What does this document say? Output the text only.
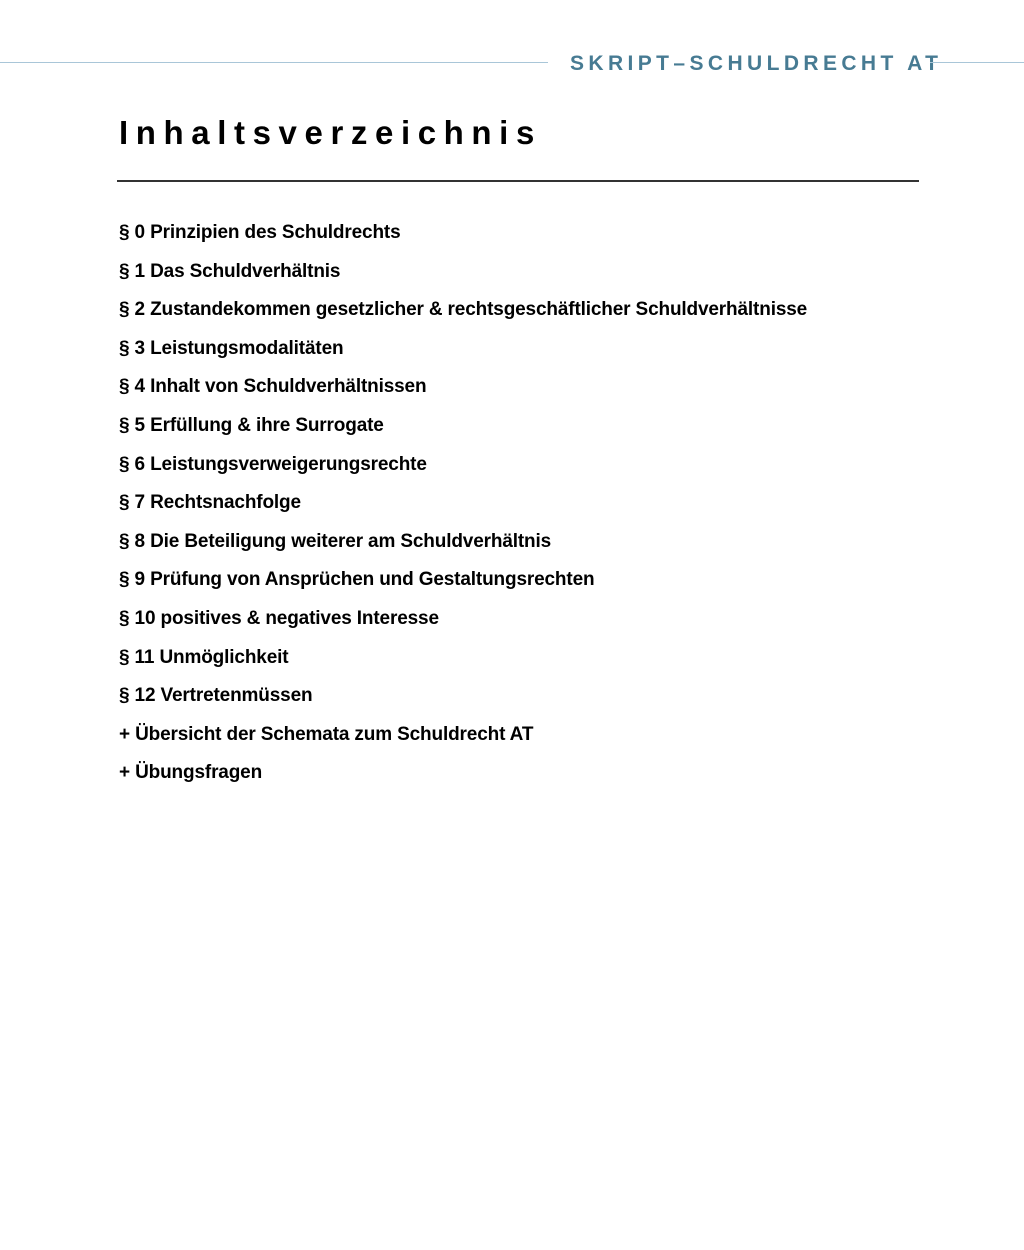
SKRIPT–SCHULDRECHT AT
Inhaltsverzeichnis
§ 0 Prinzipien des Schuldrechts
§ 1 Das Schuldverhältnis
§ 2 Zustandekommen gesetzlicher & rechtsgeschäftlicher Schuldverhältnisse
§ 3 Leistungsmodalitäten
§ 4 Inhalt von Schuldverhältnissen
§ 5 Erfüllung & ihre Surrogate
§ 6 Leistungsverweigerungsrechte
§ 7 Rechtsnachfolge
§ 8 Die Beteiligung weiterer am Schuldverhältnis
§ 9 Prüfung von Ansprüchen und Gestaltungsrechten
§ 10 positives & negatives Interesse
§ 11 Unmöglichkeit
§ 12 Vertretenmüssen
+ Übersicht der Schemata zum Schuldrecht AT
+ Übungsfragen
